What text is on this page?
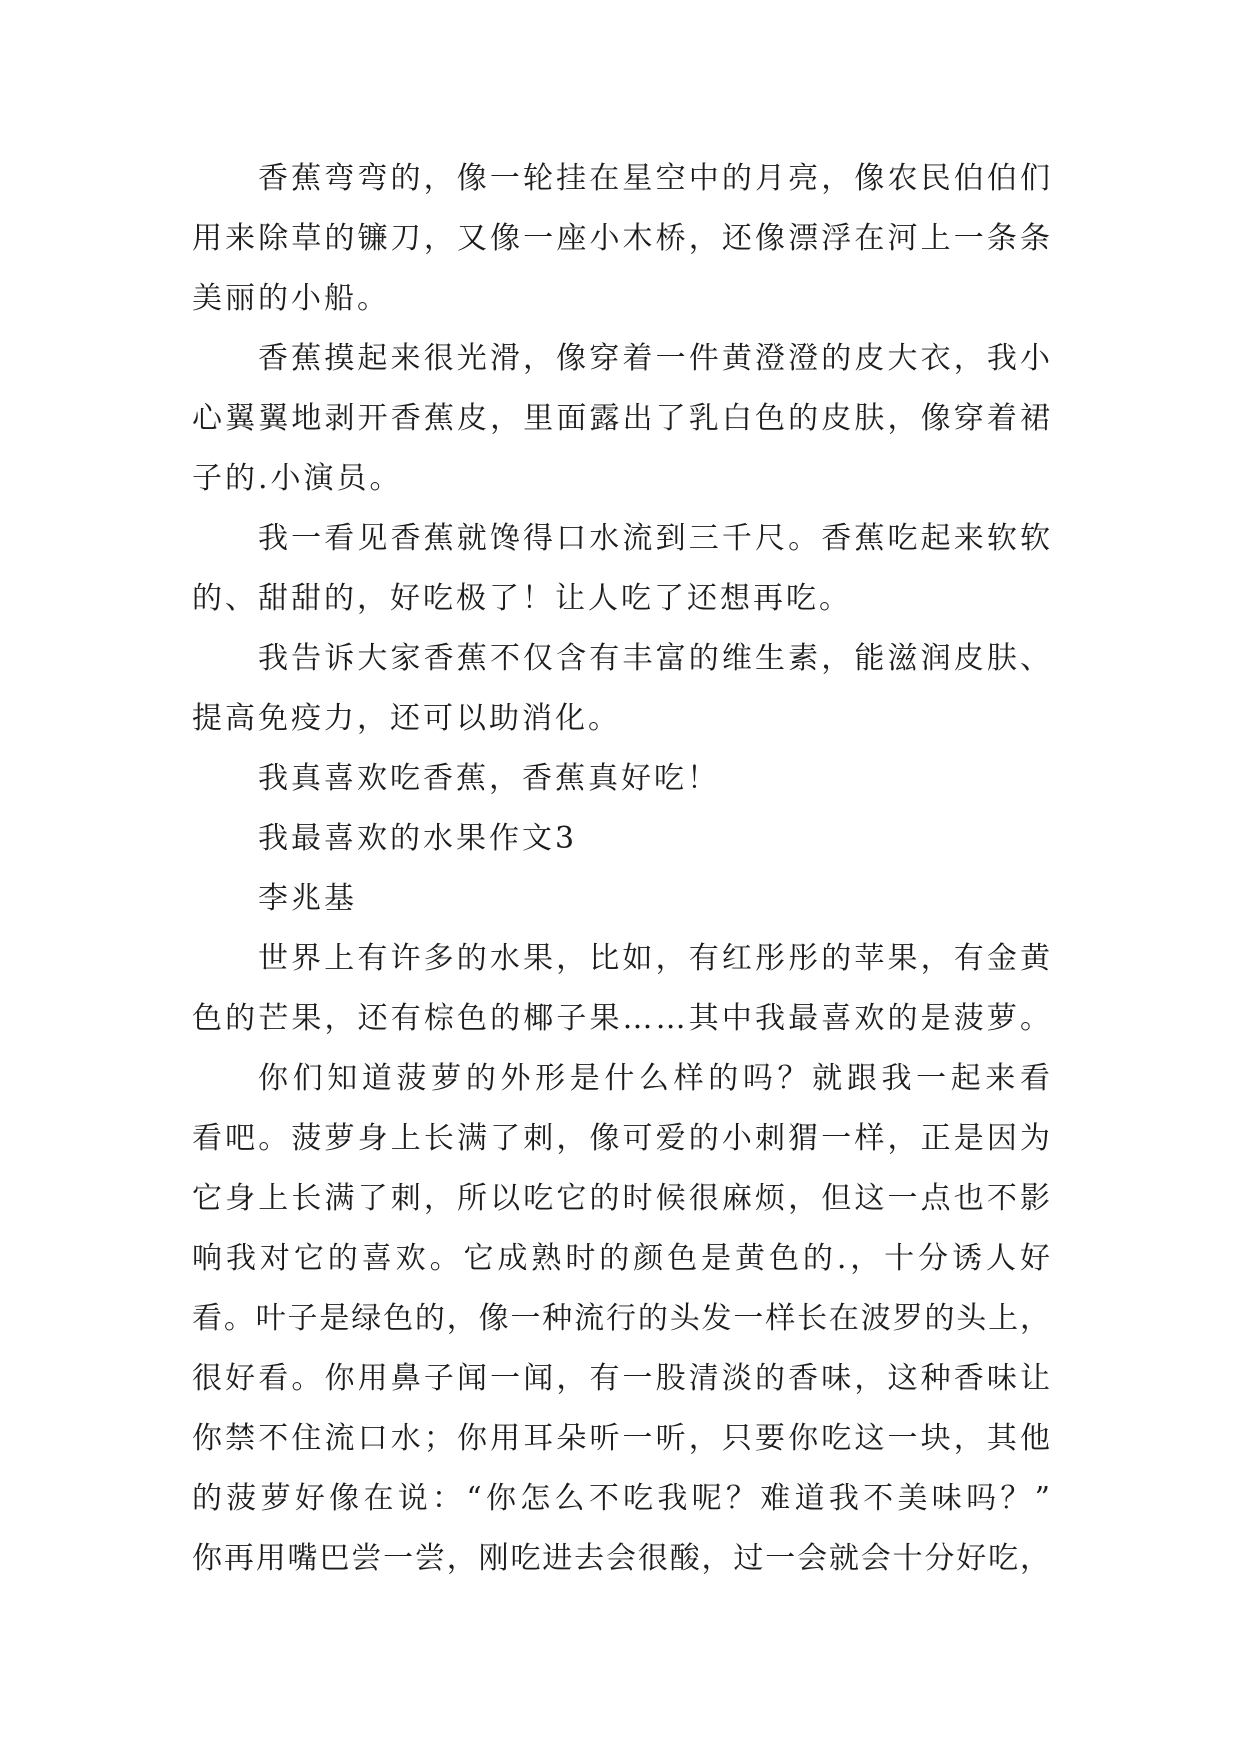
香蕉弯弯的，像一轮挂在星空中的月亮，像农民伯伯们
用来除草的镰刀，又像一座小木桥，还像漂浮在河上一条条
美丽的小船。
香蕉摸起来很光滑，像穿着一件黄澄澄的皮大衣，我小
心翼翼地剥开香蕉皮，里面露出了乳白色的皮肤，像穿着裙
子的.小演员。
我一看见香蕉就馋得口水流到三千尺。香蕉吃起来软软
的、甜甜的，好吃极了！让人吃了还想再吃。
我告诉大家香蕉不仅含有丰富的维生素，能滋润皮肤、
提高免疫力，还可以助消化。
我真喜欢吃香蕉，香蕉真好吃！
我最喜欢的水果作文3
李兆基
世界上有许多的水果，比如，有红彤彤的苹果，有金黄
色的芒果，还有棕色的椰子果……其中我最喜欢的是菠萝。
你们知道菠萝的外形是什么样的吗？就跟我一起来看
看吧。菠萝身上长满了刺，像可爱的小刺猬一样，正是因为
它身上长满了刺，所以吃它的时候很麻烦，但这一点也不影
响我对它的喜欢。它成熟时的颜色是黄色的.，十分诱人好
看。叶子是绿色的，像一种流行的头发一样长在波罗的头上，
很好看。你用鼻子闻一闻，有一股清淡的香味，这种香味让
你禁不住流口水；你用耳朵听一听，只要你吃这一块，其他
的菠萝好像在说：“你怎么不吃我呢？难道我不美味吗？”
你再用嘴巴尝一尝，刚吃进去会很酸，过一会就会十分好吃，
